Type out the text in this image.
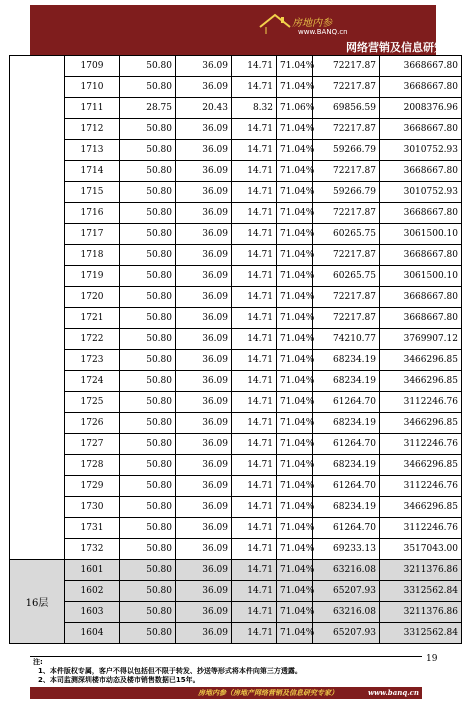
房地内参
www.BANQ.cn
网络营销及信息研究专家
	1709	50.80	36.09	14.71	71.04%	72217.87	3668667.80
	1710	50.80	36.09	14.71	71.04%	72217.87	3668667.80
	1711	28.75	20.43	8.32	71.06%	69856.59	2008376.96
	1712	50.80	36.09	14.71	71.04%	72217.87	3668667.80
	1713	50.80	36.09	14.71	71.04%	59266.79	3010752.93
	1714	50.80	36.09	14.71	71.04%	72217.87	3668667.80
	1715	50.80	36.09	14.71	71.04%	59266.79	3010752.93
	1716	50.80	36.09	14.71	71.04%	72217.87	3668667.80
	1717	50.80	36.09	14.71	71.04%	60265.75	3061500.10
	1718	50.80	36.09	14.71	71.04%	72217.87	3668667.80
	1719	50.80	36.09	14.71	71.04%	60265.75	3061500.10
	1720	50.80	36.09	14.71	71.04%	72217.87	3668667.80
	1721	50.80	36.09	14.71	71.04%	72217.87	3668667.80
	1722	50.80	36.09	14.71	71.04%	74210.77	3769907.12
	1723	50.80	36.09	14.71	71.04%	68234.19	3466296.85
	1724	50.80	36.09	14.71	71.04%	68234.19	3466296.85
	1725	50.80	36.09	14.71	71.04%	61264.70	3112246.76
	1726	50.80	36.09	14.71	71.04%	68234.19	3466296.85
	1727	50.80	36.09	14.71	71.04%	61264.70	3112246.76
	1728	50.80	36.09	14.71	71.04%	68234.19	3466296.85
	1729	50.80	36.09	14.71	71.04%	61264.70	3112246.76
	1730	50.80	36.09	14.71	71.04%	68234.19	3466296.85
	1731	50.80	36.09	14.71	71.04%	61264.70	3112246.76
	1732	50.80	36.09	14.71	71.04%	69233.13	3517043.00
16层	1601	50.80	36.09	14.71	71.04%	63216.08	3211376.86
	1602	50.80	36.09	14.71	71.04%	65207.93	3312562.84
	1603	50.80	36.09	14.71	71.04%	63216.08	3211376.86
	1604	50.80	36.09	14.71	71.04%	65207.93	3312562.84
注:
1、本件版权专属，客户不得以包括但不限于转发、抄送等形式将本件向第三方透露。
2、本司监测深圳楼市动态及楼市销售数据已15年。
19
房地内参（房地产网络营销及信息研究专家）	www.banq.cn
